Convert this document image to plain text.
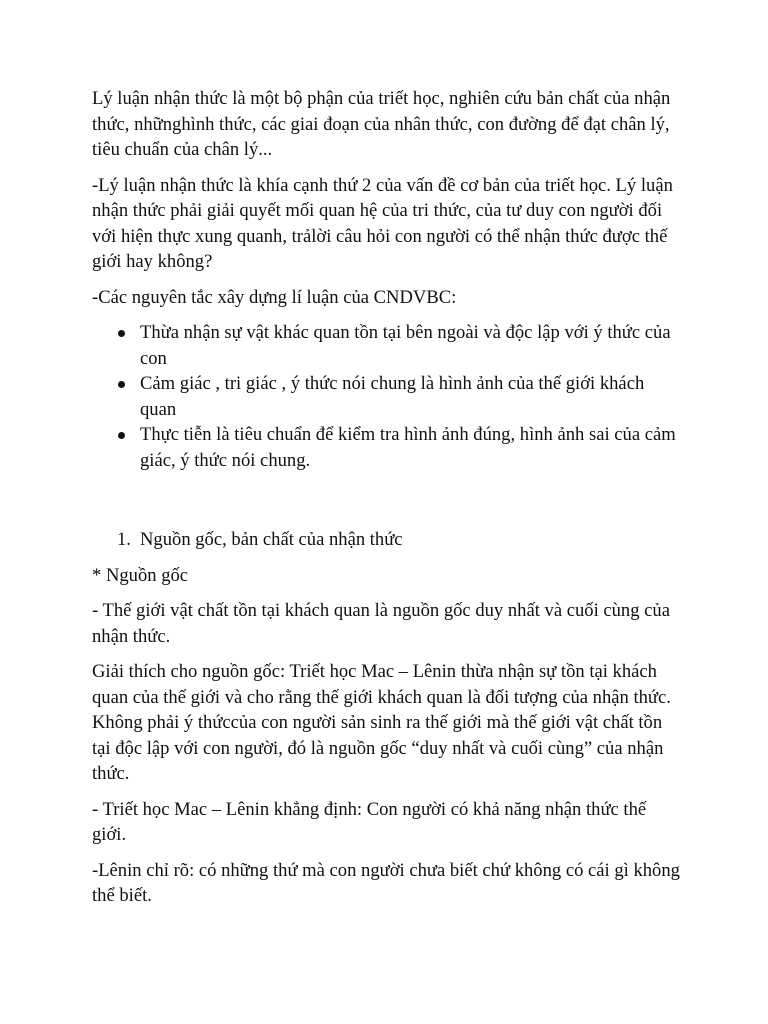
Lý luận nhận thức là một bộ phận của triết học, nghiên cứu bản chất của nhận thức, nhữnghình thức, các giai đoạn của nhân thức, con đường để đạt chân lý, tiêu chuẩn của chân lý...

-Lý luận nhận thức là khía cạnh thứ 2 của vấn đề cơ bản của triết học. Lý luận nhận thức phải giải quyết mối quan hệ của tri thức, của tư duy con người đối với hiện thực xung quanh, trảlời câu hỏi con người có thể nhận thức được thế giới hay không?

-Các nguyên tắc xây dựng lí luận của CNDVBC:

Thừa nhận sự vật khác quan tồn tại bên ngoài và độc lập với ý thức của con
Cảm giác , tri giác , ý thức nói chung là hình ảnh của thế giới khách quan
Thực tiễn là tiêu chuẩn để kiểm tra hình ảnh đúng, hình ảnh sai của cảm giác, ý thức nói chung.
1. Nguồn gốc, bản chất của nhận thức

* Nguồn gốc

- Thế giới vật chất tồn tại khách quan là nguồn gốc duy nhất và cuối cùng của nhận thức.

Giải thích cho nguồn gốc: Triết học Mac – Lênin thừa nhận sự tồn tại khách quan của thế giới và cho rằng thế giới khách quan là đối tượng của nhận thức. Không phải ý thứccủa con người sản sinh ra thế giới mà thế giới vật chất tồn tại độc lập với con người, đó là nguồn gốc “duy nhất và cuối cùng” của nhận thức.

- Triết học Mac – Lênin khẳng định: Con người có khả năng nhận thức thế giới.

-Lênin chỉ rõ: có những thứ mà con người chưa biết chứ không có cái gì không thể biết.
